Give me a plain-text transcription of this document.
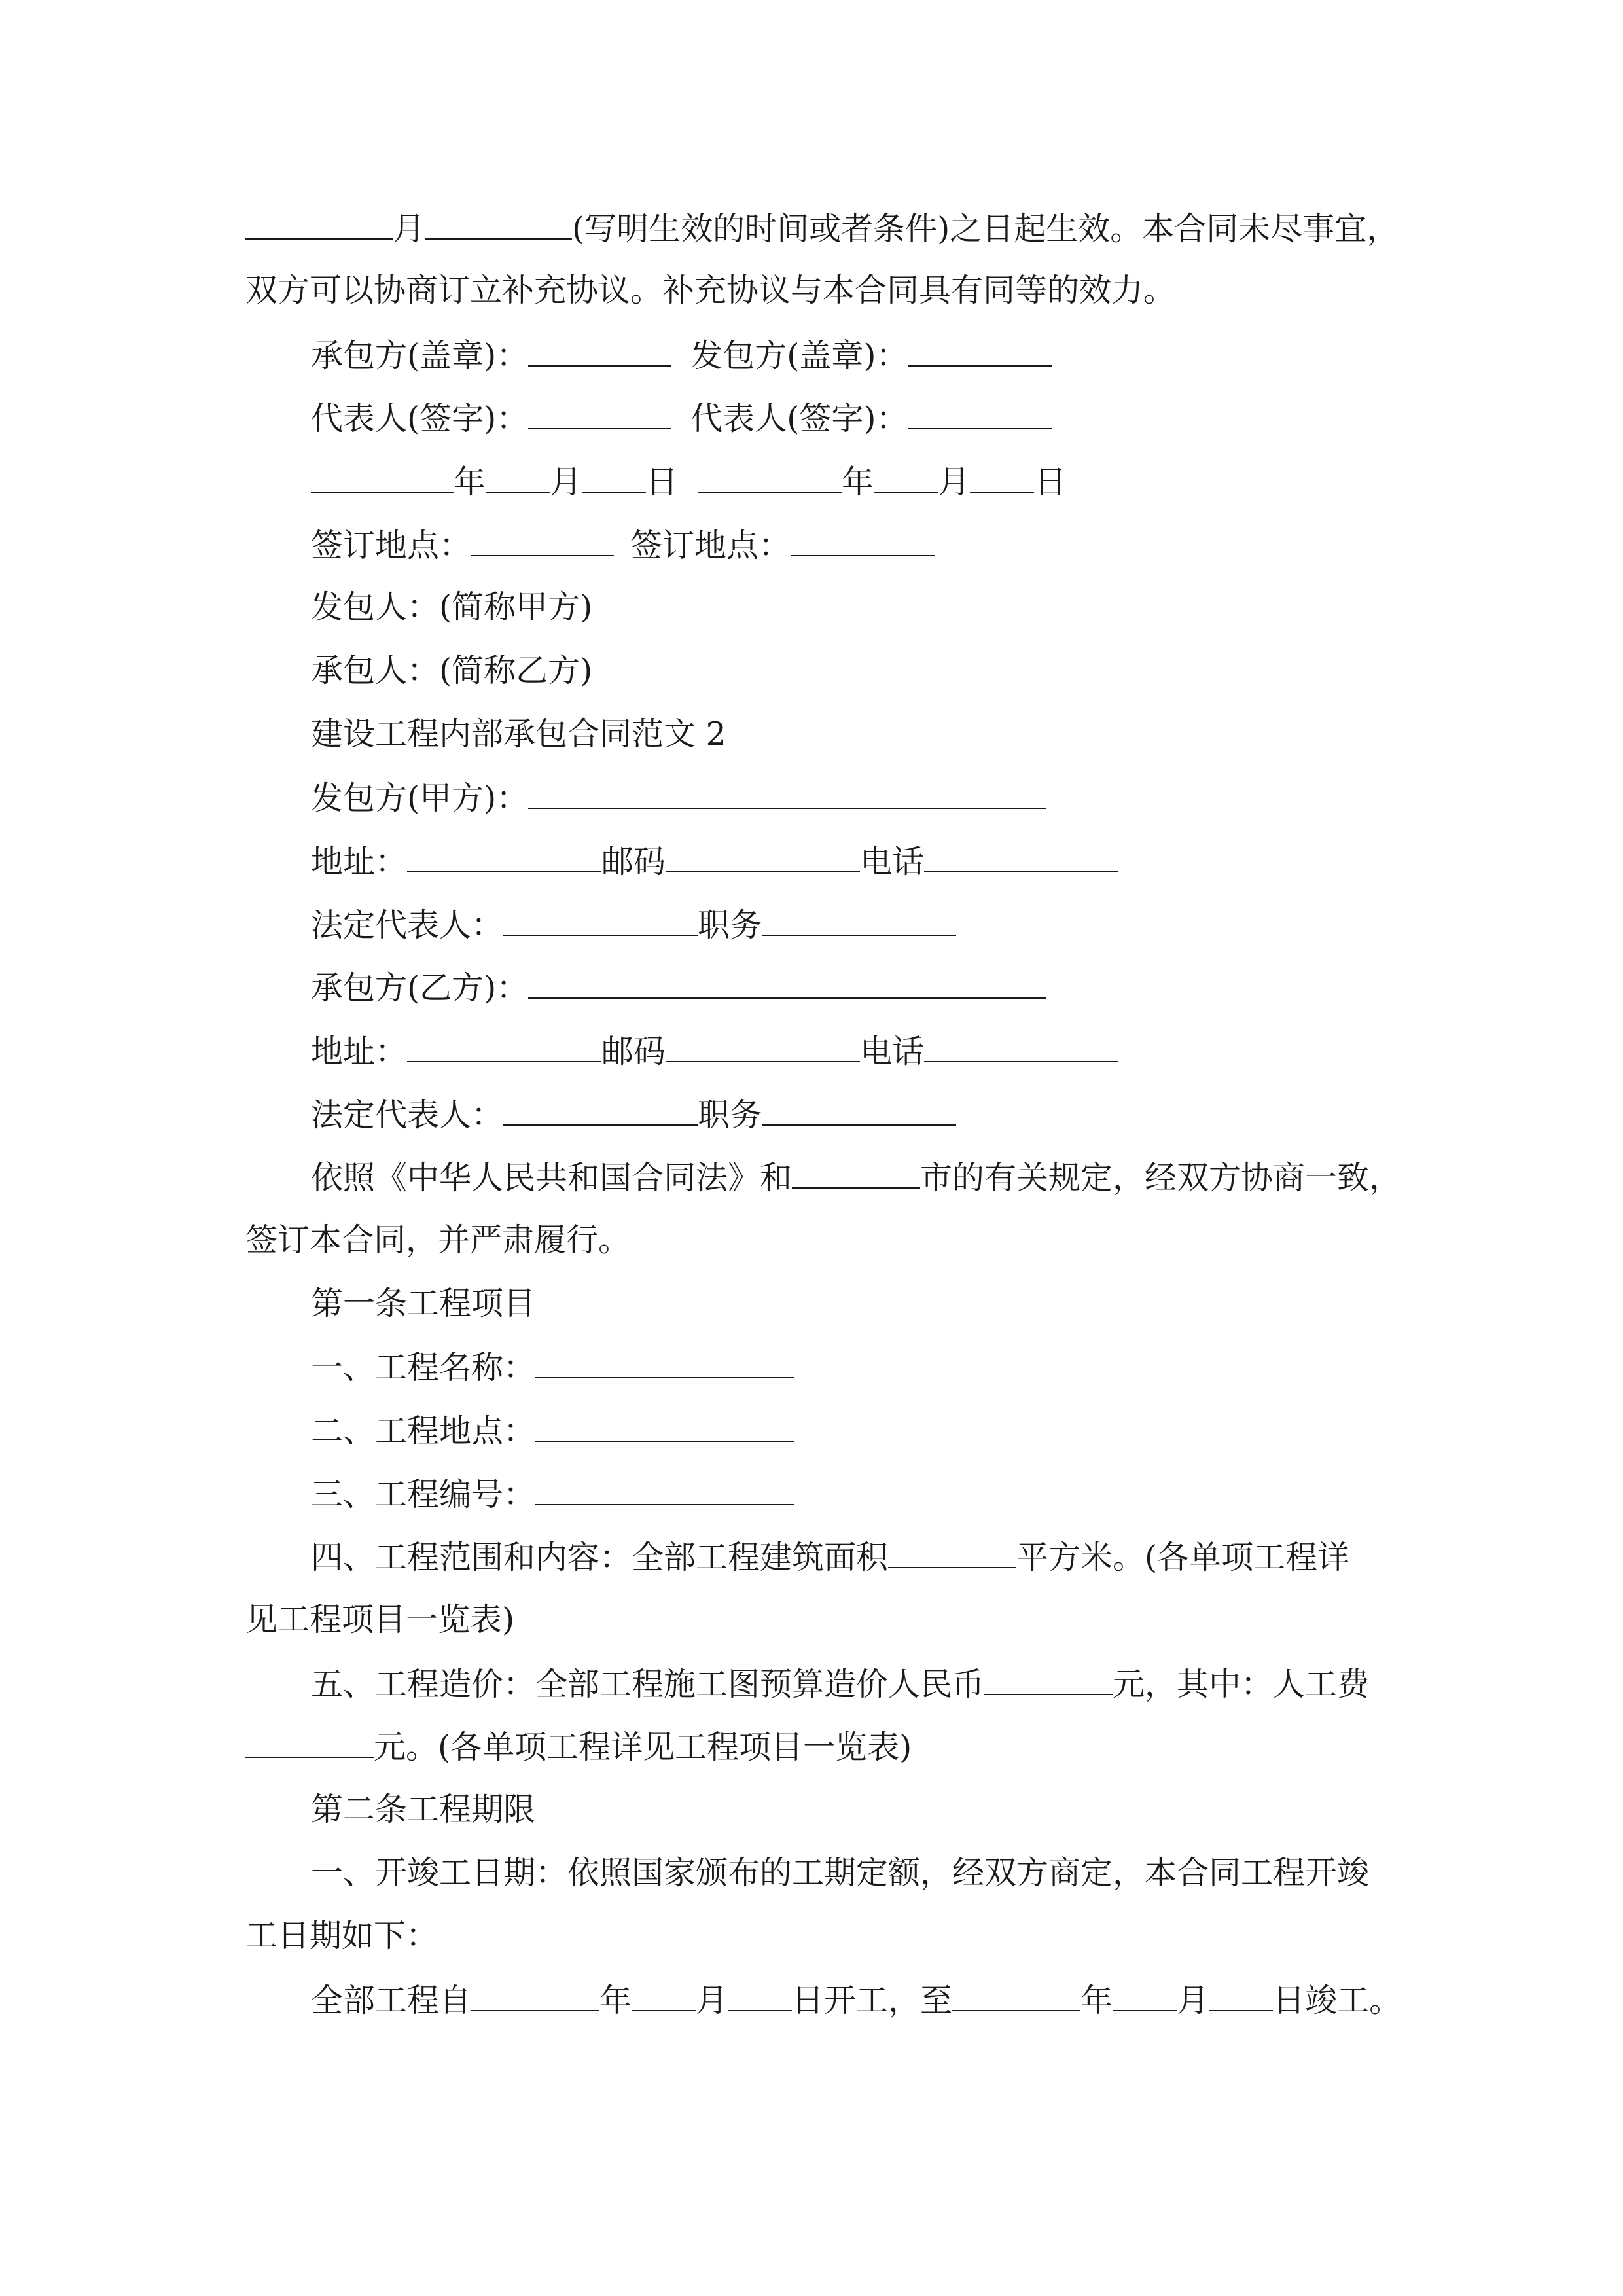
月	(写明生效的时间或者条件)之日起生效。本合同未尽事宜，
双方可以协商订立补充协议。补充协议与本合同具有同等的效力。
承包方(盖章)：	发包方(盖章)：
代表人(签字)：	代表人(签字)：
年 月 日	年 月 日
签订地点：	签订地点：
发包人：(简称甲方)
承包人：(简称乙方)
建设工程内部承包合同范文 2
发包方(甲方)：
地址：	邮码	电话
法定代表人：	职务
承包方(乙方)：
地址：	邮码	电话
法定代表人：	职务
依照《中华人民共和国合同法》和	市的有关规定，经双方协商一致，
签订本合同，并严肃履行。
第一条工程项目
一、工程名称：
二、工程地点：
三、工程编号：
四、工程范围和内容：全部工程建筑面积	平方米。(各单项工程详
见工程项目一览表)
五、工程造价：全部工程施工图预算造价人民币	元，其中：人工费
元。(各单项工程详见工程项目一览表)
第二条工程期限
一、开竣工日期：依照国家颁布的工期定额，经双方商定，本合同工程开竣
工日期如下：
全部工程自	年 月 日开工，至	年 月 日竣工。
